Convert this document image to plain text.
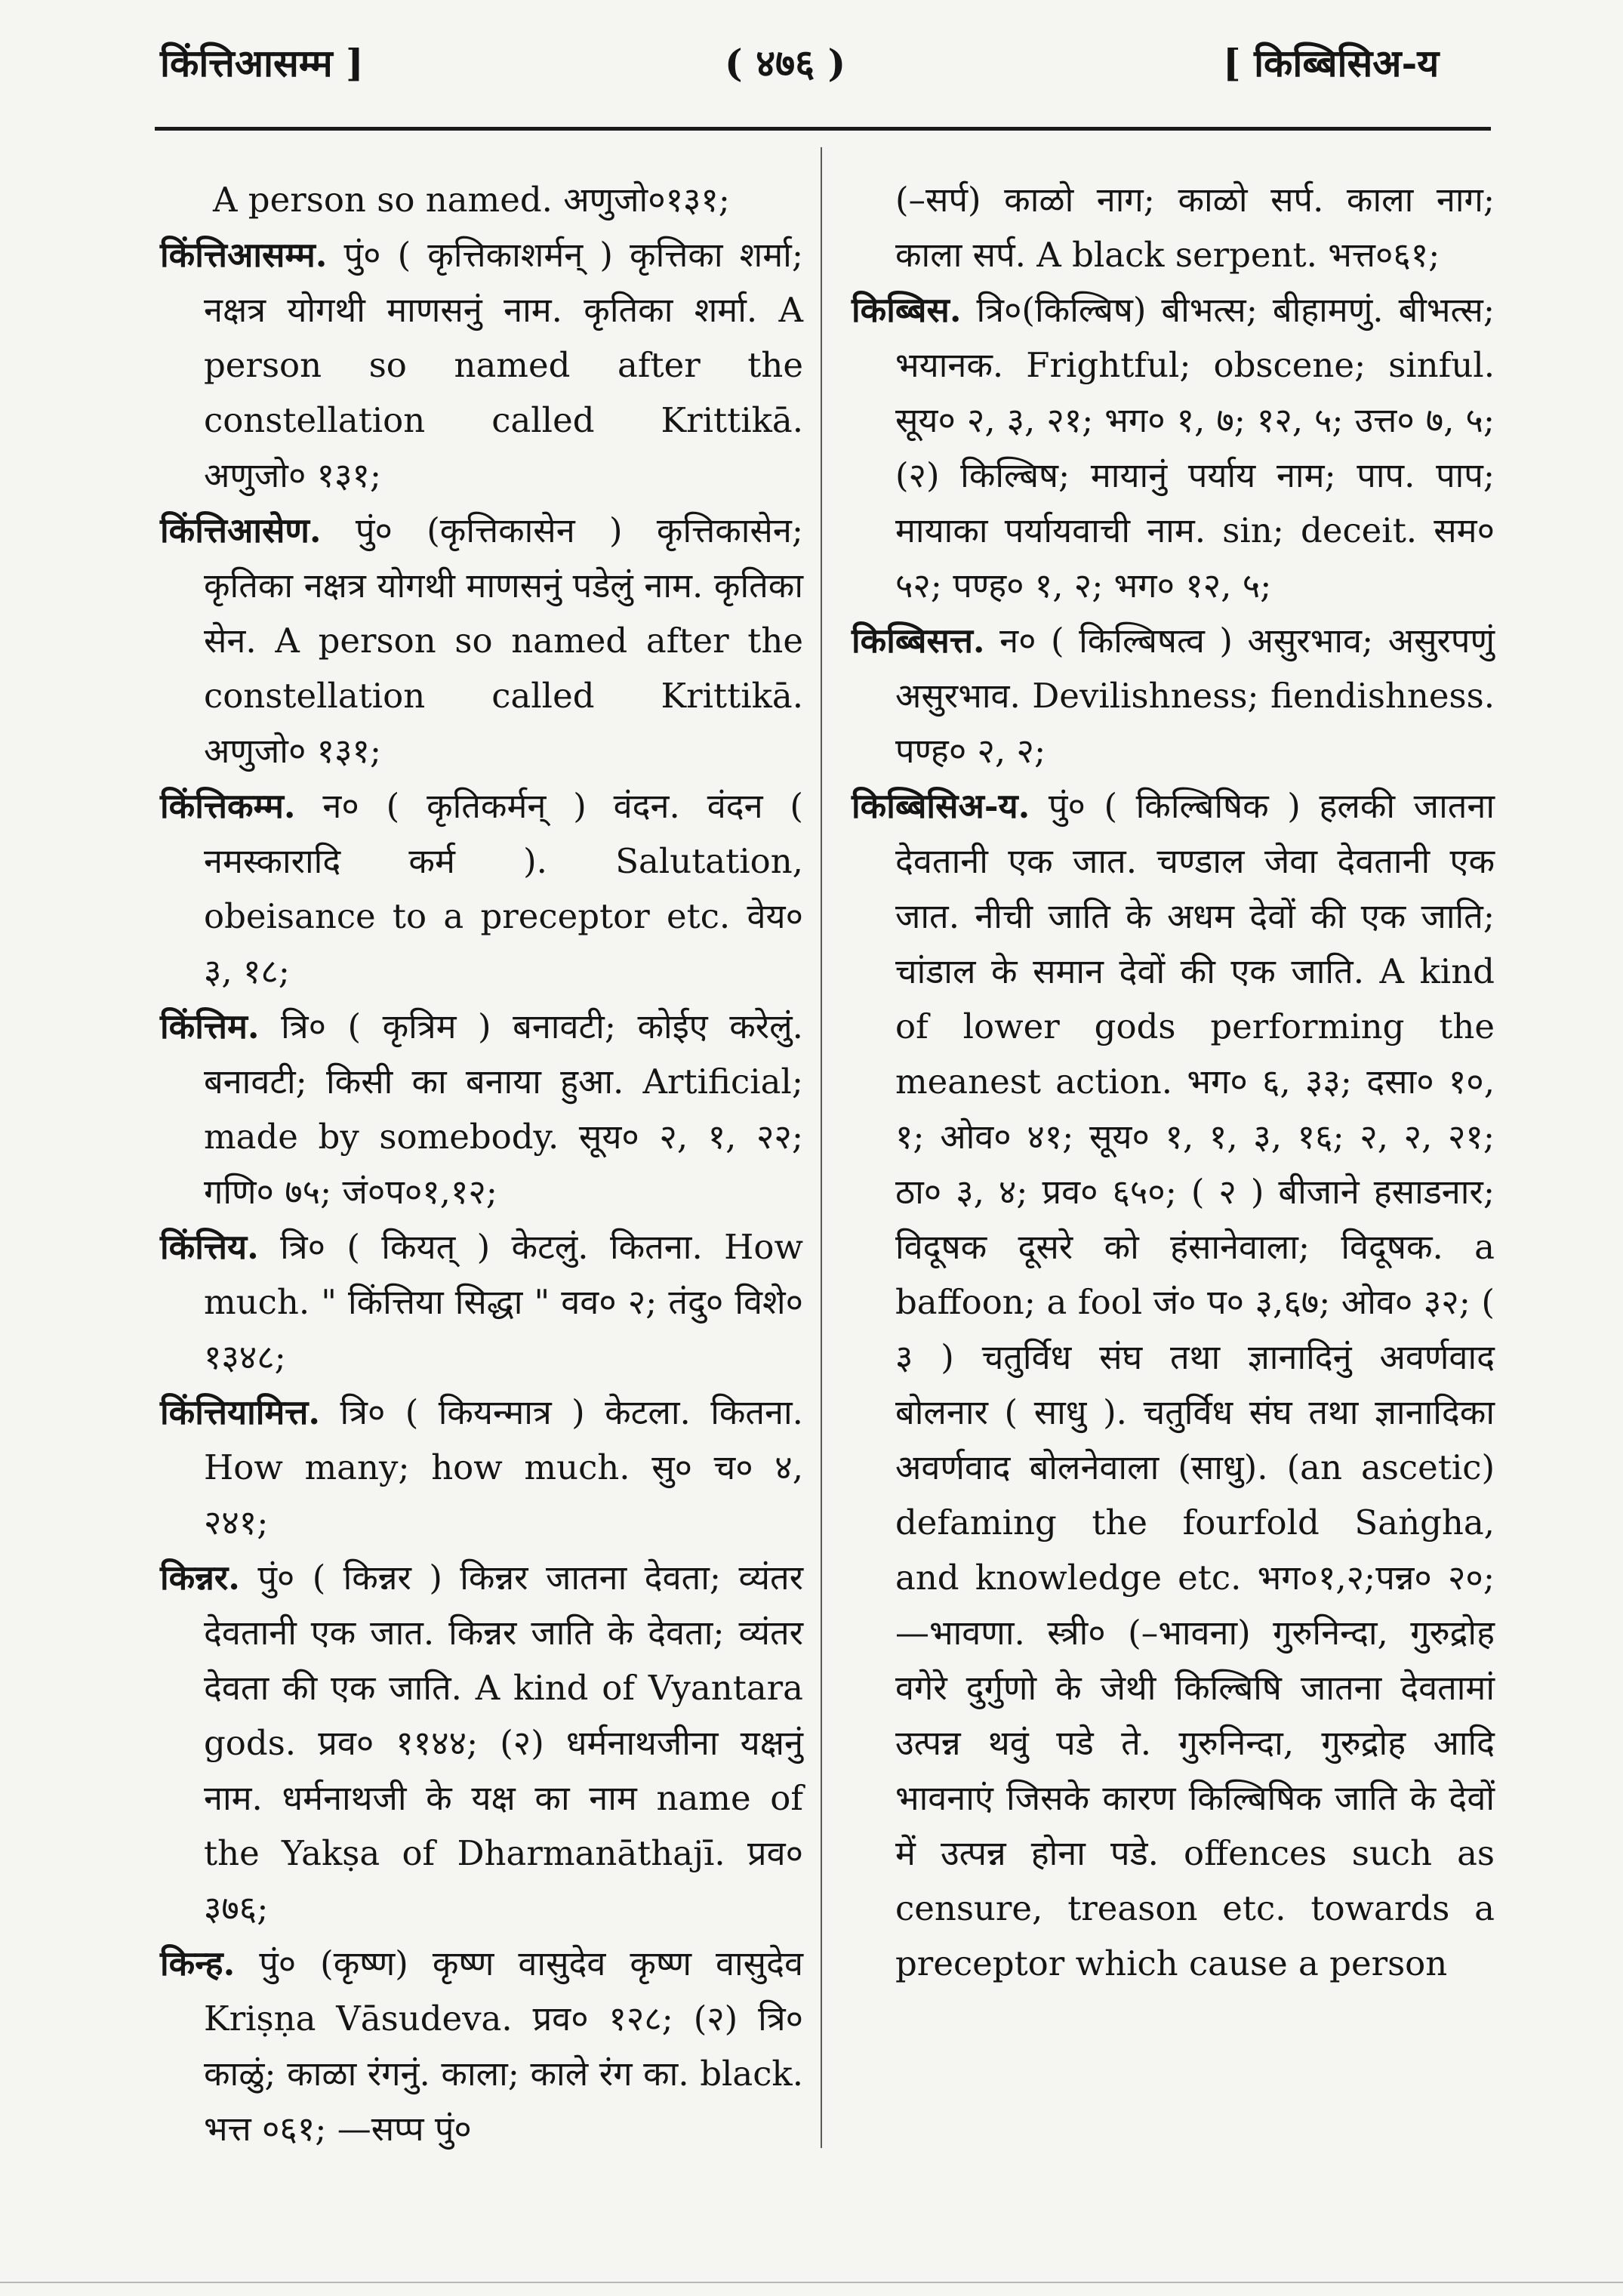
किंत्तिआसम्म ]	( ४७६ )	[ किब्बिसिअ-य

A person so named. अणुजो०१३१;

किंत्तिआसम्म. पुं० ( कृत्तिकाशर्मन् ) कृत्तिका शर्मा; नक्षत्र योगथी माणसनुं नाम. कृतिका शर्मा. A person so named after the constellation called Krittikā. अणुजो० १३१;

किंत्तिआसेण. पुं० (कृत्तिकासेन ) कृत्तिकासेन; कृतिका नक्षत्र योगथी माणसनुं पडेलुं नाम. कृतिका सेन. A person so named after the constellation called Krittikā. अणुजो० १३१;

किंत्तिकम्म. न० ( कृतिकर्मन् ) वंदन. वंदन ( नमस्कारादि कर्म ). Salutation, obeisance to a preceptor etc. वेय० ३, १८;

किंत्तिम. त्रि० ( कृत्रिम ) बनावटी; कोईए करेलुं. बनावटी; किसी का बनाया हुआ. Artificial; made by somebody. सूय० २, १, २२; गणि० ७५; जं०प०१,१२;

किंत्तिय. त्रि० ( कियत् ) केटलुं. कितना. How much. " किंत्तिया सिद्धा " वव० २; तंदु० विशे० १३४८;

किंत्तियामित्त. त्रि० ( कियन्मात्र ) केटला. कितना. How many; how much. सु० च० ४, २४१;

किन्नर. पुं० ( किन्नर ) किन्नर जातना देवता; व्यंतर देवतानी एक जात. किन्नर जाति के देवता; व्यंतर देवता की एक जाति. A kind of Vyantara gods. प्रव० ११४४; (२) धर्मनाथजीना यक्षनुं नाम. धर्मनाथजी के यक्ष का नाम name of the Yakṣa of Dharmanāthajī. प्रव० ३७६;

किन्ह. पुं० (कृष्ण) कृष्ण वासुदेव कृष्ण वासुदेव Kriṣṇa Vāsudeva. प्रव० १२८; (२) त्रि० काळुं; काळा रंगनुं. काला; काले रंग का. black. भत्त ०६१; —सप्प पुं०

(–सर्प) काळो नाग; काळो सर्प. काला नाग; काला सर्प. A black serpent. भत्त०६१;

किब्बिस. त्रि०(किल्बिष) बीभत्स; बीहामणुं. बीभत्स; भयानक. Frightful; obscene; sinful. सूय० २, ३, २१; भग० १, ७; १२, ५; उत्त० ७, ५; (२) किल्बिष; मायानुं पर्याय नाम; पाप. पाप; मायाका पर्यायवाची नाम. sin; deceit. सम० ५२; पण्ह० १, २; भग० १२, ५;

किब्बिसत्त. न० ( किल्बिषत्व ) असुरभाव; असुरपणुं असुरभाव. Devilishness; fiendishness. पण्ह० २, २;

किब्बिसिअ-य. पुं० ( किल्बिषिक ) हलकी जातना देवतानी एक जात. चण्डाल जेवा देवतानी एक जात. नीची जाति के अधम देवों की एक जाति; चांडाल के समान देवों की एक जाति. A kind of lower gods performing the meanest action. भग० ६, ३३; दसा० १०, १; ओव० ४१; सूय० १, १, ३, १६; २, २, २१; ठा० ३, ४; प्रव० ६५०; ( २ ) बीजाने हसाडनार; विदूषक दूसरे को हंसानेवाला; विदूषक. a baffoon; a fool जं० प० ३,६७; ओव० ३२; ( ३ ) चतुर्विध संघ तथा ज्ञानादिनुं अवर्णवाद बोलनार ( साधु ). चतुर्विध संघ तथा ज्ञानादिका अवर्णवाद बोलनेवाला (साधु). (an ascetic) defaming the fourfold Saṅgha, and knowledge etc. भग०१,२;पन्न० २०;—भावणा. स्त्री० (–भावना) गुरुनिन्दा, गुरुद्रोह वगेरे दुर्गुणो के जेथी किल्बिषि जातना देवतामां उत्पन्न थवुं पडे ते. गुरुनिन्दा, गुरुद्रोह आदि भावनाएं जिसके कारण किल्बिषिक जाति के देवों में उत्पन्न होना पडे. offences such as censure, treason etc. towards a preceptor which cause a person
